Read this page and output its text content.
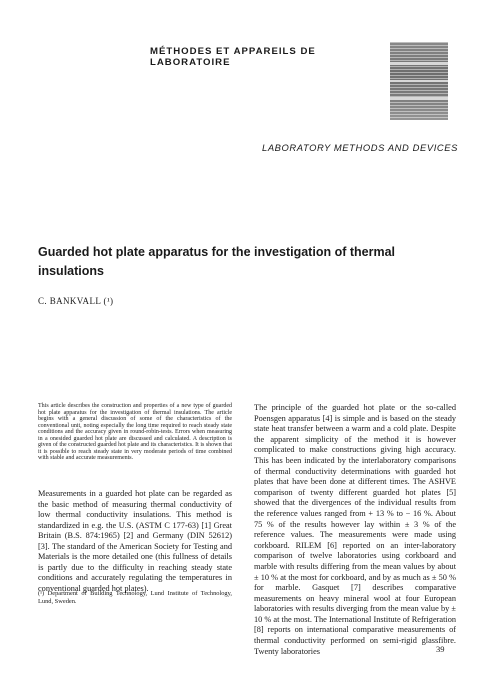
MÉTHODES ET APPAREILS DE LABORATOIRE
LABORATORY METHODS AND DEVICES
Guarded hot plate apparatus for the investigation of thermal insulations
C. BANKVALL (¹)

This article describes the construction and properties of a new type of guarded hot plate apparatus for the investigation of thermal insulations. The article begins with a general discussion of some of the characteristics of the conventional unit, noting especially the long time required to reach steady state conditions and the accuracy given in round-robin-tests. Errors when measuring in a onesided guarded hot plate are discussed and calculated. A description is given of the constructed guarded hot plate and its characteristics. It is shown that it is possible to reach steady state in very moderate periods of time combined with stable and accurate measurements.

Measurements in a guarded hot plate can be regarded as the basic method of measuring thermal conductivity of low thermal conductivity insulations. This method is standardized in e.g. the U.S. (ASTM C 177-63) [1] Great Britain (B.S. 874:1965) [2] and Germany (DIN 52612) [3]. The standard of the American Society for Testing and Materials is the more detailed one (this fullness of details is partly due to the difficulty in reaching steady state conditions and accurately regulating the temperatures in conventional guarded hot plates).

(¹) Department of Building Technology, Lund Institute of Technology, Lund, Sweden.

The principle of the guarded hot plate or the so-called Poensgen apparatus [4] is simple and is based on the steady state heat transfer between a warm and a cold plate. Despite the apparent simplicity of the method it is however complicated to make constructions giving high accuracy. This has been indicated by the interlaboratory comparisons of thermal conductivity determinations with guarded hot plates that have been done at different times. The ASHVE comparison of twenty different guarded hot plates [5] showed that the divergences of the individual results from the reference values ranged from + 13 % to − 16 %. About 75 % of the results however lay within ± 3 % of the reference values. The measurements were made using corkboard. RILEM [6] reported on an inter-laboratory comparison of twelve laboratories using corkboard and marble with results differing from the mean values by about ± 10 % at the most for corkboard, and by as much as ± 50 % for marble. Gasquet [7] describes comparative measurements on heavy mineral wool at four European laboratories with results diverging from the mean value by ± 10 % at the most. The International Institute of Refrigeration [8] reports on international comparative measurements of thermal conductivity performed on semi-rigid glassfibre. Twenty laboratories	39
